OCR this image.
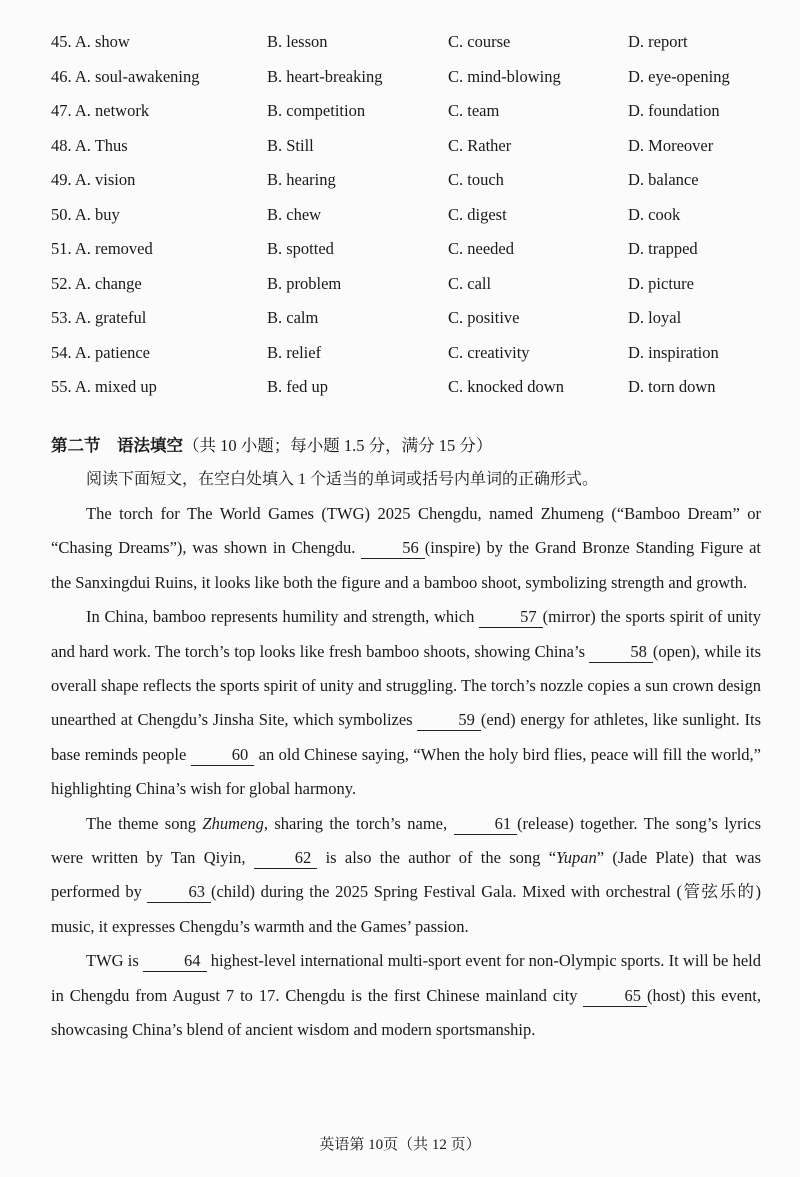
45. A. show	B. lesson	C. course	D. report
46. A. soul-awakening	B. heart-breaking	C. mind-blowing	D. eye-opening
47. A. network	B. competition	C. team	D. foundation
48. A. Thus	B. Still	C. Rather	D. Moreover
49. A. vision	B. hearing	C. touch	D. balance
50. A. buy	B. chew	C. digest	D. cook
51. A. removed	B. spotted	C. needed	D. trapped
52. A. change	B. problem	C. call	D. picture
53. A. grateful	B. calm	C. positive	D. loyal
54. A. patience	B. relief	C. creativity	D. inspiration
55. A. mixed up	B. fed up	C. knocked down	D. torn down
第二节　语法填空（共 10 小题；每小题 1.5 分，满分 15 分）
阅读下面短文，在空白处填入 1 个适当的单词或括号内单词的正确形式。

The torch for The World Games (TWG) 2025 Chengdu, named Zhumeng (“Bamboo Dream” or “Chasing Dreams”), was shown in Chengdu. 56 (inspire) by the Grand Bronze Standing Figure at the Sanxingdui Ruins, it looks like both the figure and a bamboo shoot, symbolizing strength and growth.

In China, bamboo represents humility and strength, which 57 (mirror) the sports spirit of unity and hard work. The torch’s top looks like fresh bamboo shoots, showing China’s 58 (open), while its overall shape reflects the sports spirit of unity and struggling. The torch’s nozzle copies a sun crown design unearthed at Chengdu’s Jinsha Site, which symbolizes 59 (end) energy for athletes, like sunlight. Its base reminds people 60 an old Chinese saying, “When the holy bird flies, peace will fill the world,” highlighting China’s wish for global harmony.

The theme song Zhumeng, sharing the torch’s name, 61 (release) together. The song’s lyrics were written by Tan Qiyin, 62 is also the author of the song “Yupan” (Jade Plate) that was performed by 63 (child) during the 2025 Spring Festival Gala. Mixed with orchestral (管弦乐的) music, it expresses Chengdu’s warmth and the Games’ passion.

TWG is 64 highest-level international multi-sport event for non-Olympic sports. It will be held in Chengdu from August 7 to 17. Chengdu is the first Chinese mainland city 65 (host) this event, showcasing China’s blend of ancient wisdom and modern sportsmanship.

英语第 10页（共 12 页）
